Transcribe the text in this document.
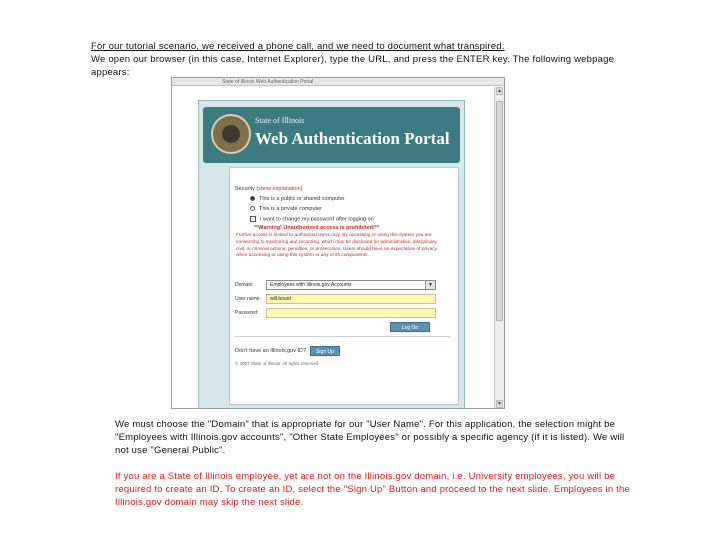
For our tutorial scenario, we received a phone call, and we need to document what transpired.
We open our browser (in this case, Internet Explorer), type the URL, and press the ENTER key. The following webpage appears:
State of Illinois Web Authentication Portal
▲
▼
State of Illinois
Web Authentication Portal
Security (show explanation)
This is a public or shared computer
This is a private computer
I want to change my password after logging on
**Warning! Unauthorized access is prohibited!**
Further access is limited to authorized users only. By accessing or using this system you are consenting to monitoring and recording, which may be disclosed for administrative, disciplinary, civil, or criminal actions, penalties, or prosecution. Users should have no expectation of privacy when accessing or using this system or any of its components.
Domain:	Employees with Illinois.gov Accounts	▼
User name:	will.bount
Password:
Log On
Don't have an Illinois.gov ID?	Sign Up
© 2007 State of Illinois. All rights reserved.
We must choose the "Domain" that is appropriate for our "User Name". For this application, the selection might be "Employees with Illinois.gov accounts", "Other State Employees" or possibly a specific agency (if it is listed). We will not use "General Public".
If you are a State of Illinois employee, yet are not on the Illinois.gov domain, i.e. University employees, you will be required to create an ID. To create an ID, select the "Sign Up" Button and proceed to the next slide. Employees in the Illinois.gov domain may skip the next slide.
